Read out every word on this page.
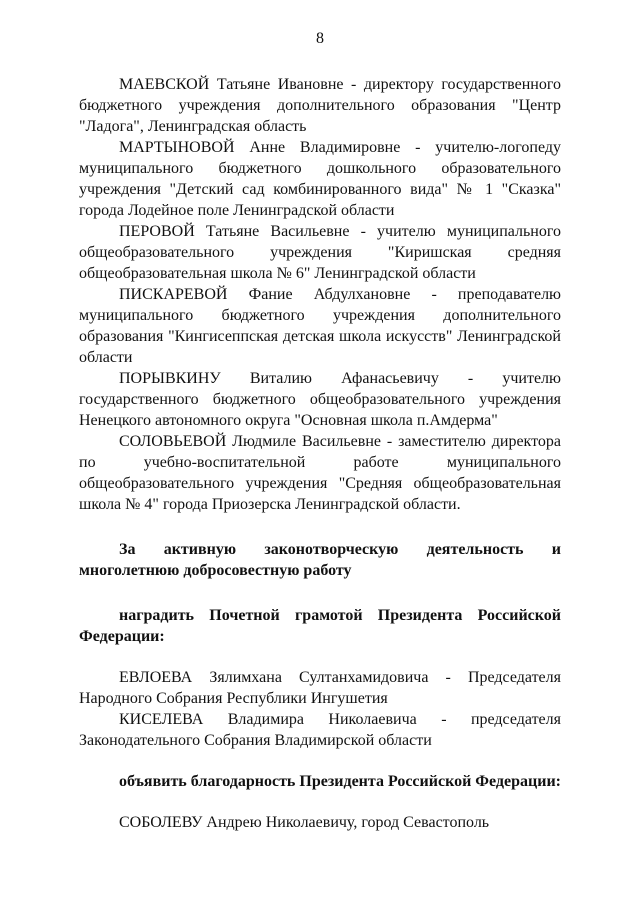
8

МАЕВСКОЙ Татьяне Ивановне - директору государственного бюджетного учреждения дополнительного образования "Центр "Ладога", Ленинградская область

МАРТЫНОВОЙ Анне Владимировне - учителю-логопеду муниципального бюджетного дошкольного образовательного учреждения "Детский сад комбинированного вида" № 1 "Сказка" города Лодейное поле Ленинградской области

ПЕРОВОЙ Татьяне Васильевне - учителю муниципального общеобразовательного учреждения "Киришская средняя общеобразовательная школа № 6" Ленинградской области

ПИСКАРЕВОЙ Фание Абдулхановне - преподавателю муниципального бюджетного учреждения дополнительного образования "Кингисеппская детская школа искусств" Ленинградской области

ПОРЫВКИНУ Виталию Афанасьевичу - учителю государственного бюджетного общеобразовательного учреждения Ненецкого автономного округа "Основная школа п.Амдерма"

СОЛОВЬЕВОЙ Людмиле Васильевне - заместителю директора по учебно-воспитательной работе муниципального общеобразовательного учреждения "Средняя общеобразовательная школа № 4" города Приозерска Ленинградской области.

За активную законотворческую деятельность и многолетнюю добросовестную работу

наградить Почетной грамотой Президента Российской Федерации:

ЕВЛОЕВА Зялимхана Султанхамидовича - Председателя Народного Собрания Республики Ингушетия

КИСЕЛЕВА Владимира Николаевича - председателя Законодательного Собрания Владимирской области

объявить благодарность Президента Российской Федерации:

СОБОЛЕВУ Андрею Николаевичу, город Севастополь
